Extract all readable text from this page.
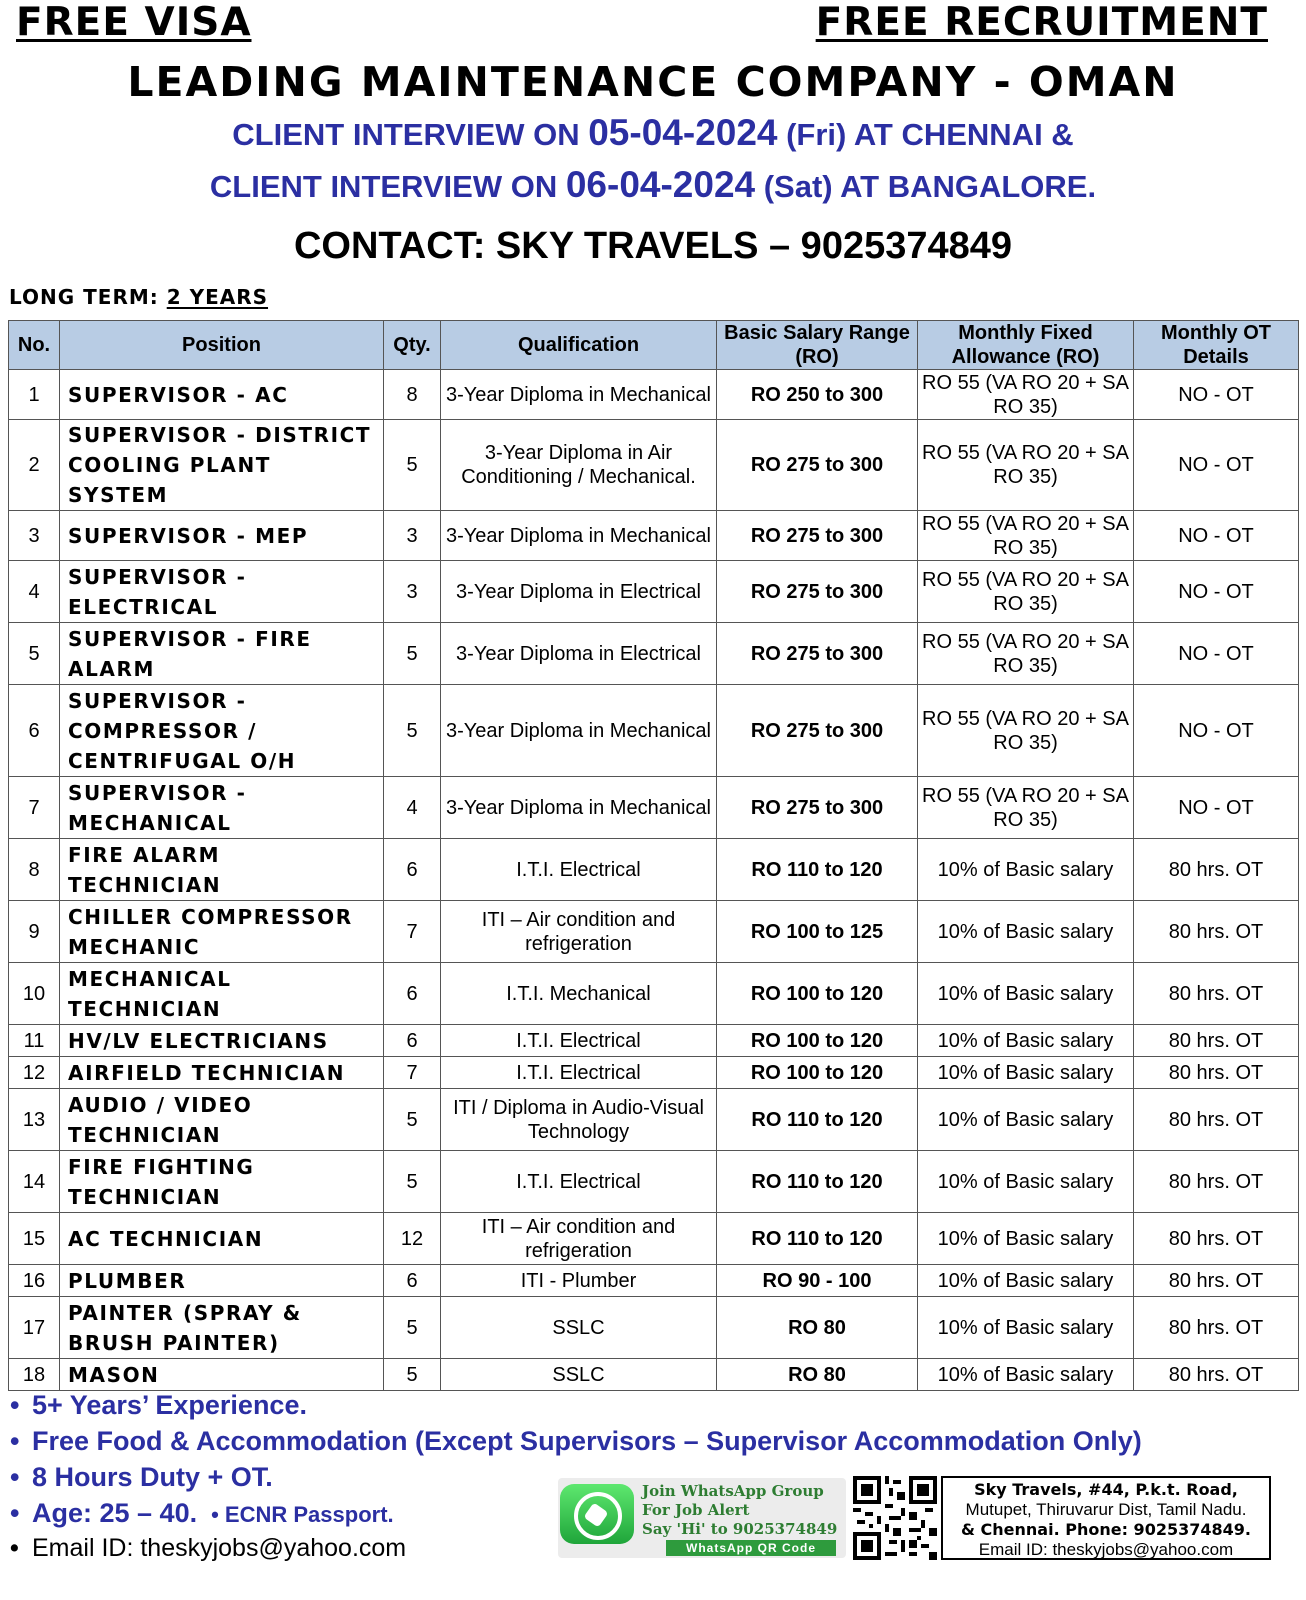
FREE VISA	FREE RECRUITMENT
LEADING MAINTENANCE COMPANY - OMAN
CLIENT INTERVIEW ON 05-04-2024 (Fri) AT CHENNAI &
CLIENT INTERVIEW ON 06-04-2024 (Sat) AT BANGALORE.
CONTACT: SKY TRAVELS – 9025374849
LONG TERM: 2 YEARS
No.	Position	Qty.	Qualification	Basic Salary Range (RO)	Monthly Fixed Allowance (RO)	Monthly OT Details
1	SUPERVISOR - AC	8	3-Year Diploma in Mechanical	RO 250 to 300	RO 55 (VA RO 20 + SA RO 35)	NO - OT
2	SUPERVISOR - DISTRICT COOLING PLANT SYSTEM	5	3-Year Diploma in Air Conditioning / Mechanical.	RO 275 to 300	RO 55 (VA RO 20 + SA RO 35)	NO - OT
3	SUPERVISOR - MEP	3	3-Year Diploma in Mechanical	RO 275 to 300	RO 55 (VA RO 20 + SA RO 35)	NO - OT
4	SUPERVISOR - ELECTRICAL	3	3-Year Diploma in Electrical	RO 275 to 300	RO 55 (VA RO 20 + SA RO 35)	NO - OT
5	SUPERVISOR - FIRE ALARM	5	3-Year Diploma in Electrical	RO 275 to 300	RO 55 (VA RO 20 + SA RO 35)	NO - OT
6	SUPERVISOR - COMPRESSOR / CENTRIFUGAL O/H	5	3-Year Diploma in Mechanical	RO 275 to 300	RO 55 (VA RO 20 + SA RO 35)	NO - OT
7	SUPERVISOR - MECHANICAL	4	3-Year Diploma in Mechanical	RO 275 to 300	RO 55 (VA RO 20 + SA RO 35)	NO - OT
8	FIRE ALARM TECHNICIAN	6	I.T.I. Electrical	RO 110 to 120	10% of Basic salary	80 hrs. OT
9	CHILLER COMPRESSOR MECHANIC	7	ITI – Air condition and refrigeration	RO 100 to 125	10% of Basic salary	80 hrs. OT
10	MECHANICAL TECHNICIAN	6	I.T.I. Mechanical	RO 100 to 120	10% of Basic salary	80 hrs. OT
11	HV/LV ELECTRICIANS	6	I.T.I. Electrical	RO 100 to 120	10% of Basic salary	80 hrs. OT
12	AIRFIELD TECHNICIAN	7	I.T.I. Electrical	RO 100 to 120	10% of Basic salary	80 hrs. OT
13	AUDIO / VIDEO TECHNICIAN	5	ITI / Diploma in Audio-Visual Technology	RO 110 to 120	10% of Basic salary	80 hrs. OT
14	FIRE FIGHTING TECHNICIAN	5	I.T.I. Electrical	RO 110 to 120	10% of Basic salary	80 hrs. OT
15	AC TECHNICIAN	12	ITI – Air condition and refrigeration	RO 110 to 120	10% of Basic salary	80 hrs. OT
16	PLUMBER	6	ITI - Plumber	RO 90 - 100	10% of Basic salary	80 hrs. OT
17	PAINTER (SPRAY & BRUSH PAINTER)	5	SSLC	RO 80	10% of Basic salary	80 hrs. OT
18	MASON	5	SSLC	RO 80	10% of Basic salary	80 hrs. OT
• 5+ Years’ Experience.
• Free Food & Accommodation (Except Supervisors – Supervisor Accommodation Only)
• 8 Hours Duty + OT.
• Age: 25 – 40. • ECNR Passport.
• Email ID: theskyjobs@yahoo.com
Join WhatsApp Group
For Job Alert
Say 'Hi' to 9025374849
WhatsApp QR Code
Sky Travels, #44, P.k.t. Road,
Mutupet, Thiruvarur Dist, Tamil Nadu.
& Chennai. Phone: 9025374849.
Email ID: theskyjobs@yahoo.com
